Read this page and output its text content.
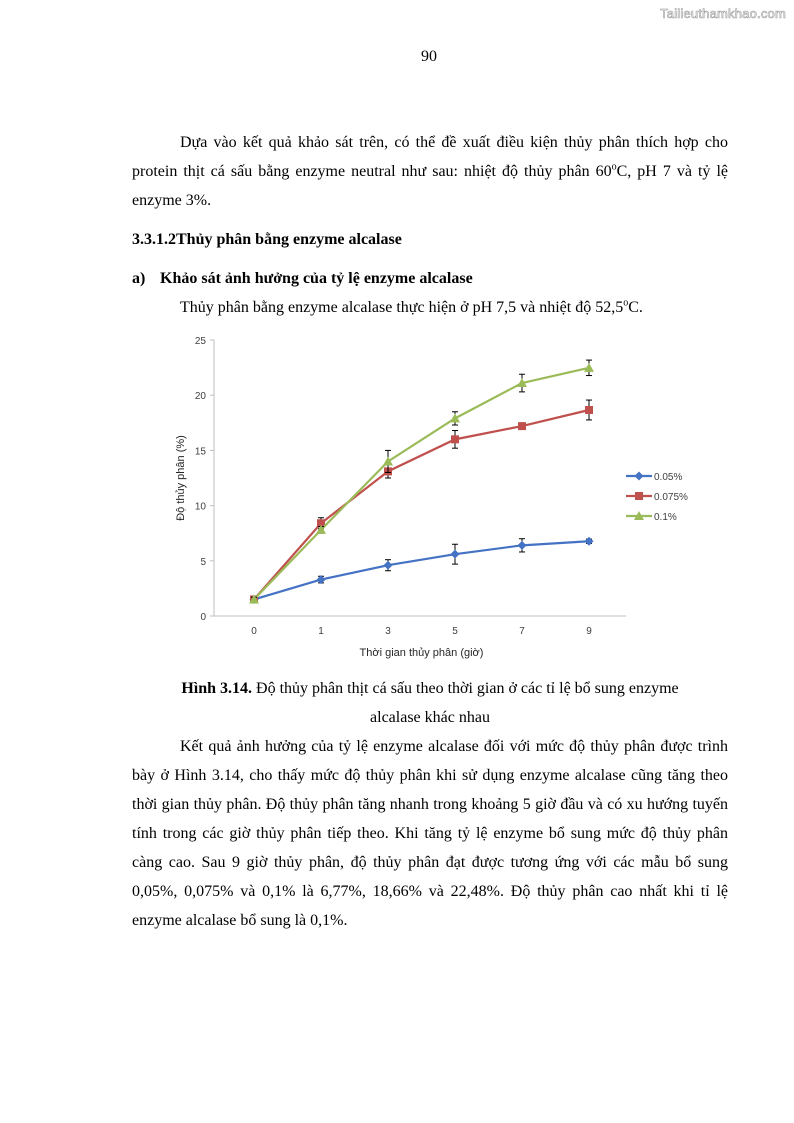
Tailieuthamkhao.com
90

Dựa vào kết quả khảo sát trên, có thể đề xuất điều kiện thủy phân thích hợp cho protein thịt cá sấu bằng enzyme neutral như sau: nhiệt độ thủy phân 60$^o$C, pH 7 và tỷ lệ enzyme 3%.

3.3.1.2Thủy phân bằng enzyme alcalase

a) Khảo sát ảnh hưởng của tỷ lệ enzyme alcalase
Thủy phân bằng enzyme alcalase thực hiện ở pH 7,5 và nhiệt độ 52,5$^o$C.
0
5
10
15
20
25
0	1	3	5	7	9
Thời gian thủy phân (giờ)
Độ thủy phân (%)	0.05%
0.075%
0.1%
Hình 3.14. Độ thủy phân thịt cá sấu theo thời gian ở các tỉ lệ bổ sung enzyme
alcalase khác nhau

Kết quả ảnh hưởng của tỷ lệ enzyme alcalase đối với mức độ thủy phân được trình bày ở Hình 3.14, cho thấy mức độ thủy phân khi sử dụng enzyme alcalase cũng tăng theo thời gian thủy phân. Độ thủy phân tăng nhanh trong khoảng 5 giờ đầu và có xu hướng tuyến tính trong các giờ thủy phân tiếp theo. Khi tăng tỷ lệ enzyme bổ sung mức độ thủy phân càng cao. Sau 9 giờ thủy phân, độ thủy phân đạt được tương ứng với các mẫu bổ sung 0,05%, 0,075% và 0,1% là 6,77%, 18,66% và 22,48%. Độ thủy phân cao nhất khi tỉ lệ enzyme alcalase bổ sung là 0,1%.
